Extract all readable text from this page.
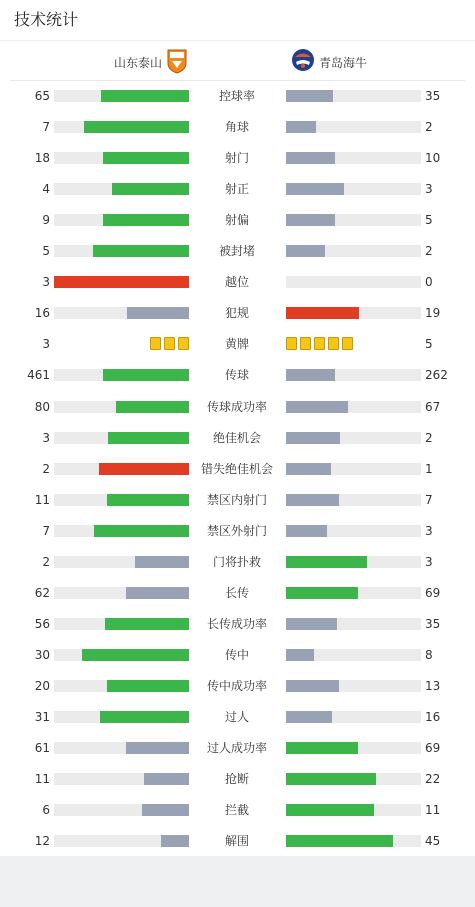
技术统计
山东泰山	青岛海牛
65	控球率	35
7	角球	2
18	射门	10
4	射正	3
9	射偏	5
5	被封堵	2
3	越位	0
16	犯规	19
3	黄牌	5
461	传球	262
80	传球成功率	67
3	绝佳机会	2
2	错失绝佳机会	1
11	禁区内射门	7
7	禁区外射门	3
2	门将扑救	3
62	长传	69
56	长传成功率	35
30	传中	8
20	传中成功率	13
31	过人	16
61	过人成功率	69
11	抢断	22
6	拦截	11
12	解围	45
